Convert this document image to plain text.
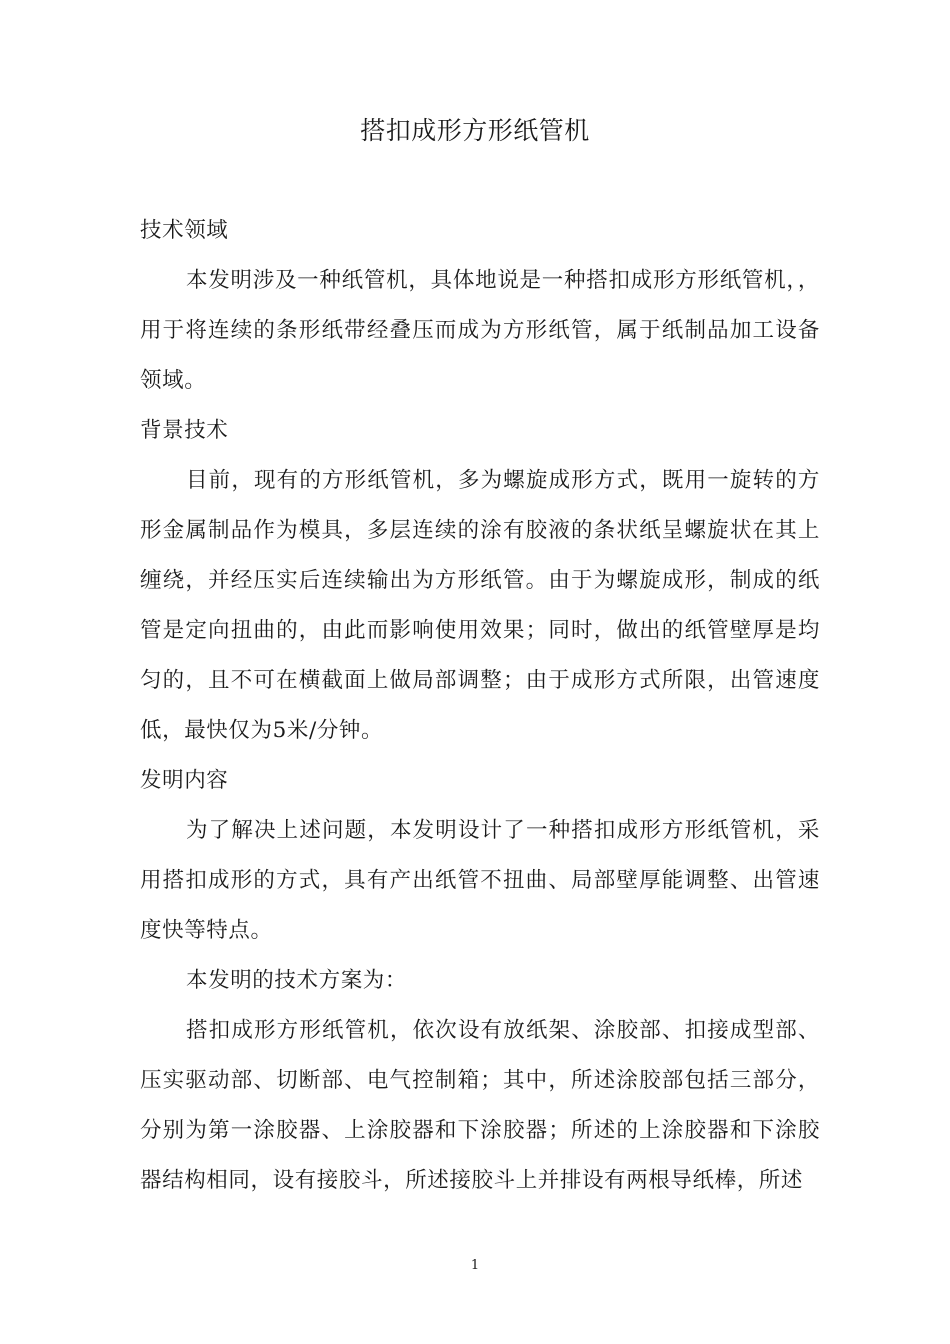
搭扣成形方形纸管机

技术领域

本发明涉及一种纸管机，具体地说是一种搭扣成形方形纸管机，，用于将连续的条形纸带经叠压而成为方形纸管，属于纸制品加工设备领域。

背景技术

目前，现有的方形纸管机，多为螺旋成形方式，既用一旋转的方形金属制品作为模具，多层连续的涂有胶液的条状纸呈螺旋状在其上缠绕，并经压实后连续输出为方形纸管。由于为螺旋成形，制成的纸管是定向扭曲的，由此而影响使用效果；同时，做出的纸管壁厚是均匀的，且不可在横截面上做局部调整；由于成形方式所限，出管速度低，最快仅为5米/分钟。

发明内容

为了解决上述问题，本发明设计了一种搭扣成形方形纸管机，采用搭扣成形的方式，具有产出纸管不扭曲、局部壁厚能调整、出管速度快等特点。

本发明的技术方案为：

搭扣成形方形纸管机，依次设有放纸架、涂胶部、扣接成型部、压实驱动部、切断部、电气控制箱；其中，所述涂胶部包括三部分，分别为第一涂胶器、上涂胶器和下涂胶器；所述的上涂胶器和下涂胶器结构相同，设有接胶斗，所述接胶斗上并排设有两根导纸棒，所述

1
